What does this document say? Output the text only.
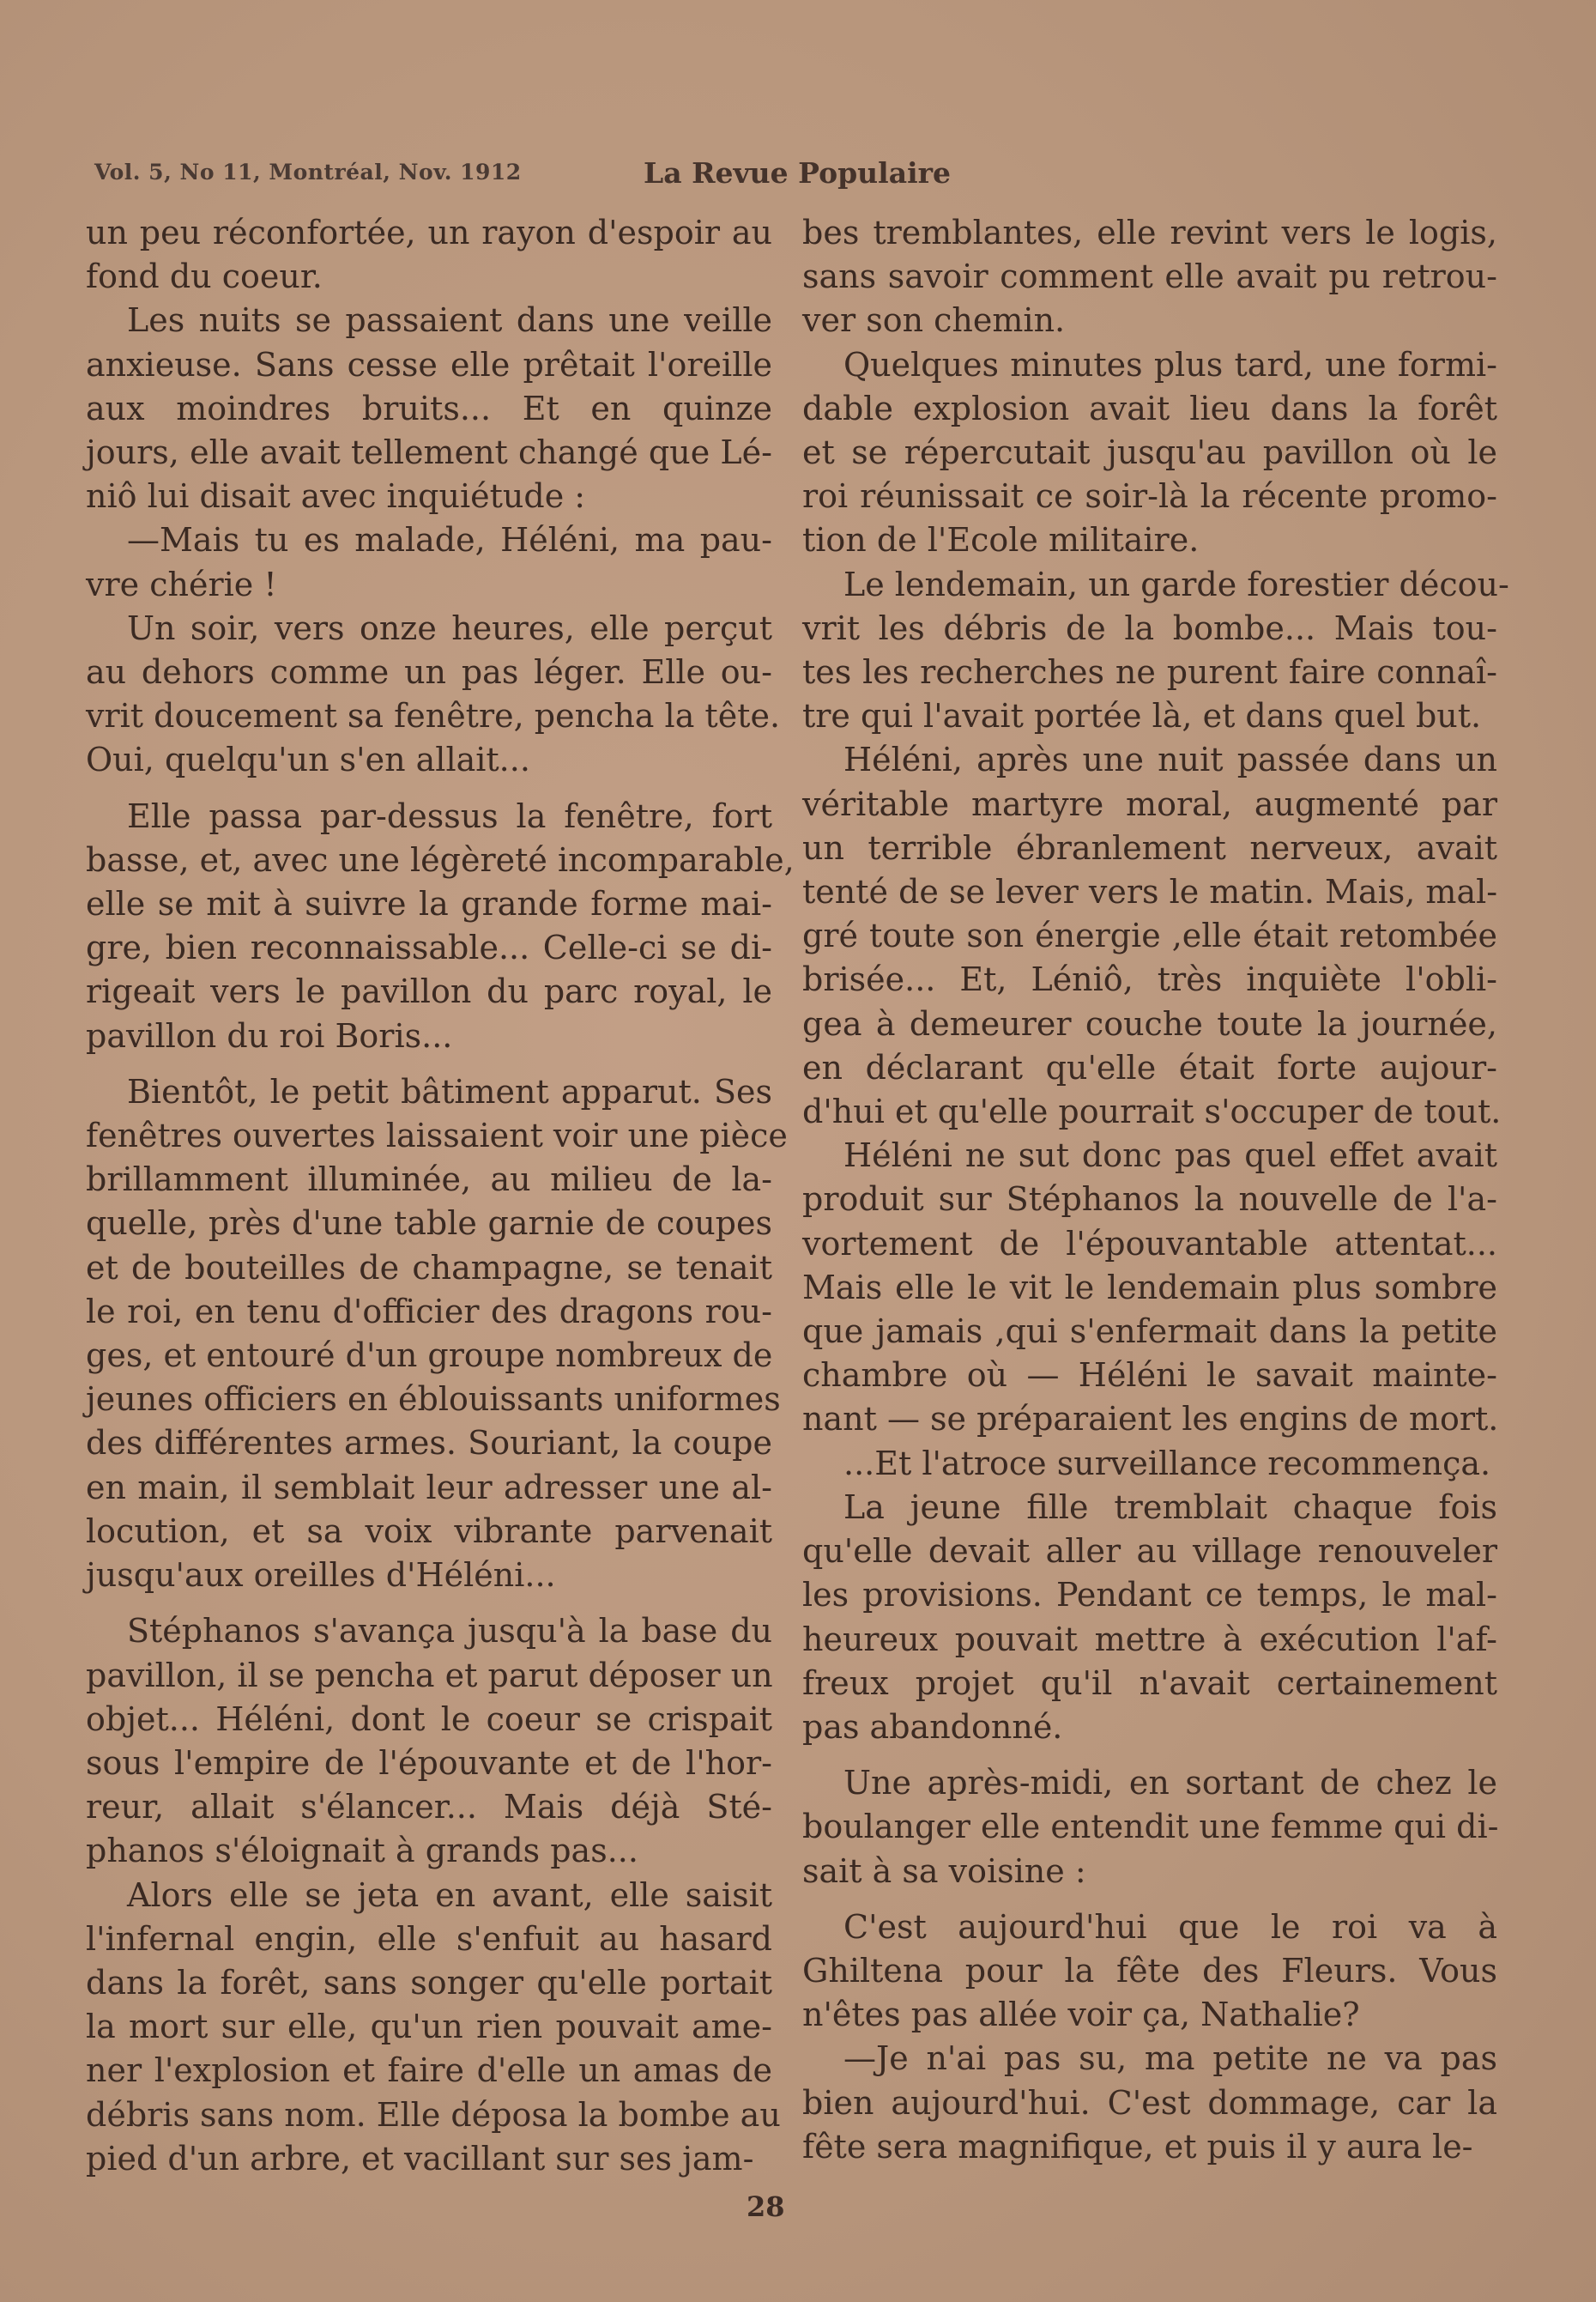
Vol. 5, No 11, Montréal, Nov. 1912	La Revue Populaire

un peu réconfortée, un rayon d'espoir au
fond du coeur.

Les nuits se passaient dans une veille
anxieuse. Sans cesse elle prêtait l'oreille
aux moindres bruits... Et en quinze
jours, elle avait tellement changé que Lé-
niô lui disait avec inquiétude :

—Mais tu es malade, Héléni, ma pau-
vre chérie !

Un soir, vers onze heures, elle perçut
au dehors comme un pas léger. Elle ou-
vrit doucement sa fenêtre, pencha la tête.
Oui, quelqu'un s'en allait...

Elle passa par-dessus la fenêtre, fort
basse, et, avec une légèreté incomparable,
elle se mit à suivre la grande forme mai-
gre, bien reconnaissable... Celle-ci se di-
rigeait vers le pavillon du parc royal, le
pavillon du roi Boris...

Bientôt, le petit bâtiment apparut. Ses
fenêtres ouvertes laissaient voir une pièce
brillamment illuminée, au milieu de la-
quelle, près d'une table garnie de coupes
et de bouteilles de champagne, se tenait
le roi, en tenu d'officier des dragons rou-
ges, et entouré d'un groupe nombreux de
jeunes officiers en éblouissants uniformes
des différentes armes. Souriant, la coupe
en main, il semblait leur adresser une al-
locution, et sa voix vibrante parvenait
jusqu'aux oreilles d'Héléni...

Stéphanos s'avança jusqu'à la base du
pavillon, il se pencha et parut déposer un
objet... Héléni, dont le coeur se crispait
sous l'empire de l'épouvante et de l'hor-
reur, allait s'élancer... Mais déjà Sté-
phanos s'éloignait à grands pas...

Alors elle se jeta en avant, elle saisit
l'infernal engin, elle s'enfuit au hasard
dans la forêt, sans songer qu'elle portait
la mort sur elle, qu'un rien pouvait ame-
ner l'explosion et faire d'elle un amas de
débris sans nom. Elle déposa la bombe au
pied d'un arbre, et vacillant sur ses jam-

bes tremblantes, elle revint vers le logis,
sans savoir comment elle avait pu retrou-
ver son chemin.

Quelques minutes plus tard, une formi-
dable explosion avait lieu dans la forêt
et se répercutait jusqu'au pavillon où le
roi réunissait ce soir-là la récente promo-
tion de l'Ecole militaire.

Le lendemain, un garde forestier décou-
vrit les débris de la bombe... Mais tou-
tes les recherches ne purent faire connaî-
tre qui l'avait portée là, et dans quel but.

Héléni, après une nuit passée dans un
véritable martyre moral, augmenté par
un terrible ébranlement nerveux, avait
tenté de se lever vers le matin. Mais, mal-
gré toute son énergie ,elle était retombée
brisée... Et, Léniô, très inquiète l'obli-
gea à demeurer couche toute la journée,
en déclarant qu'elle était forte aujour-
d'hui et qu'elle pourrait s'occuper de tout.

Héléni ne sut donc pas quel effet avait
produit sur Stéphanos la nouvelle de l'a-
vortement de l'épouvantable attentat...
Mais elle le vit le lendemain plus sombre
que jamais ,qui s'enfermait dans la petite
chambre où — Héléni le savait mainte-
nant — se préparaient les engins de mort.

...Et l'atroce surveillance recommença.

La jeune fille tremblait chaque fois
qu'elle devait aller au village renouveler
les provisions. Pendant ce temps, le mal-
heureux pouvait mettre à exécution l'af-
freux projet qu'il n'avait certainement
pas abandonné.

Une après-midi, en sortant de chez le
boulanger elle entendit une femme qui di-
sait à sa voisine :

C'est aujourd'hui que le roi va à
Ghiltena pour la fête des Fleurs. Vous
n'êtes pas allée voir ça, Nathalie?

—Je n'ai pas su, ma petite ne va pas
bien aujourd'hui. C'est dommage, car la
fête sera magnifique, et puis il y aura le-

28
